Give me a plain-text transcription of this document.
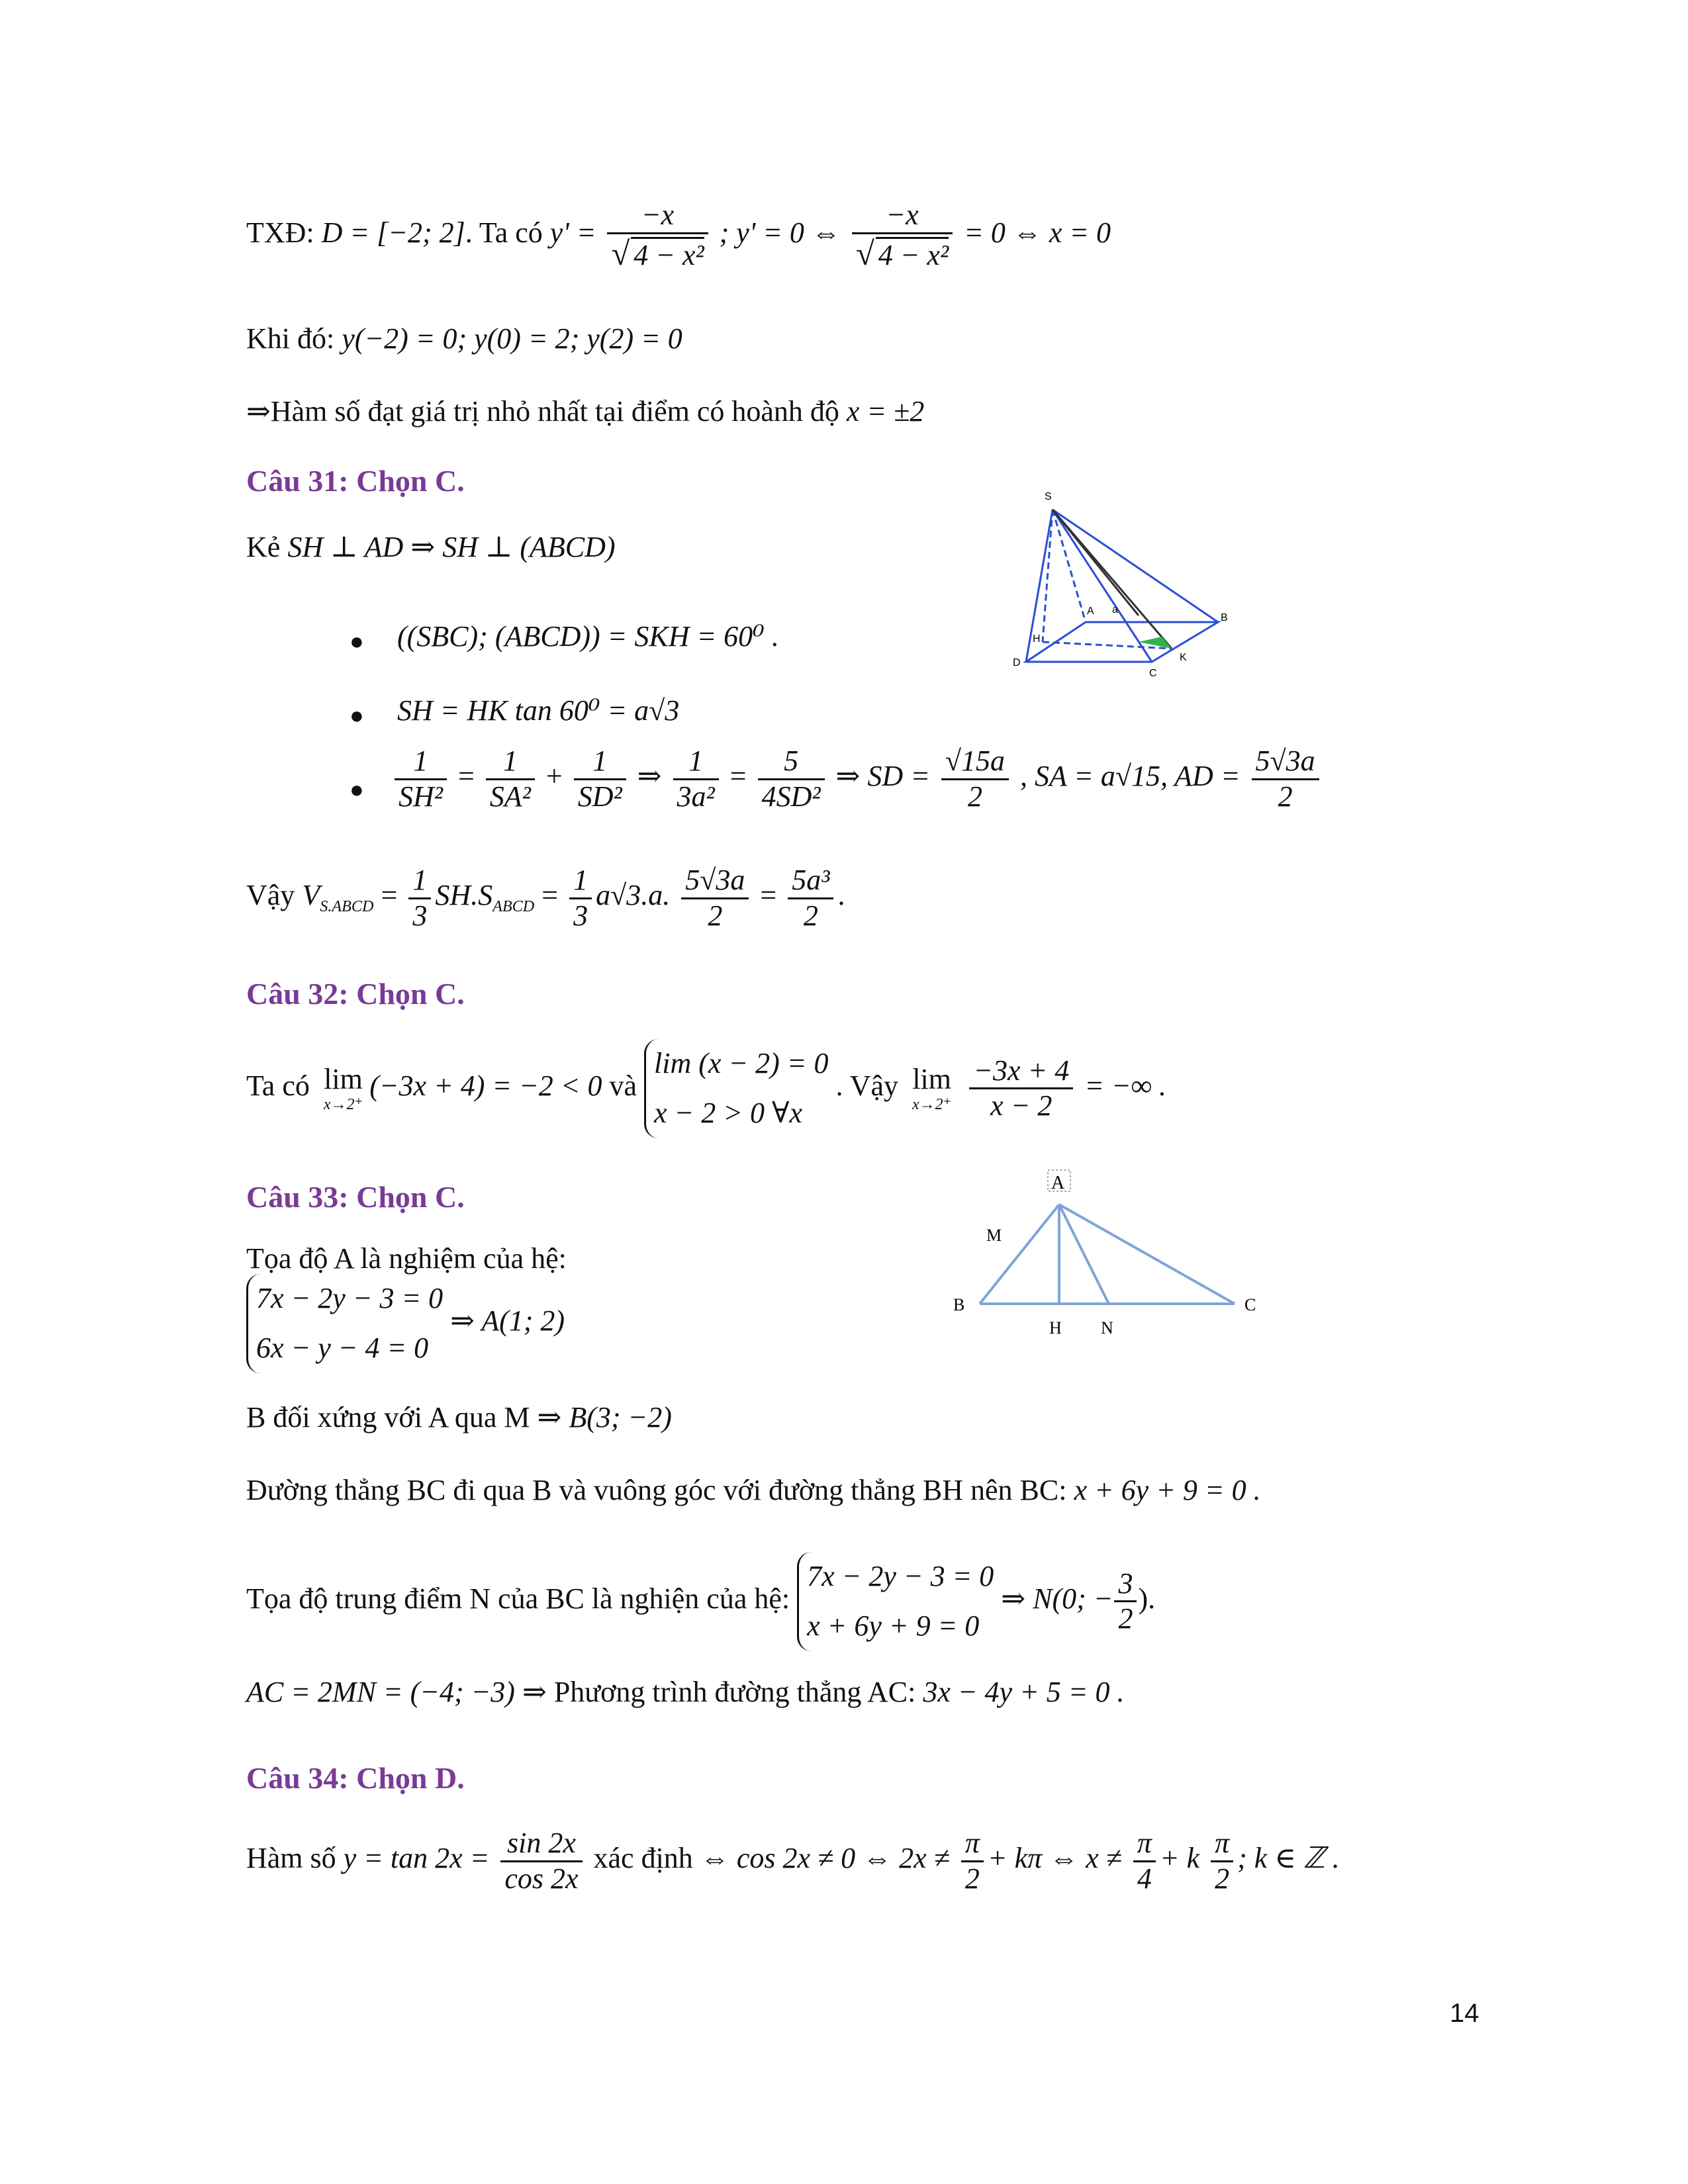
TXĐ: D = [−2; 2]. Ta có $y' = \frac{-x}{\text{√ 4 − x²}}$ ; y' = 0 ⇔ $\frac{-x}{\text{√ 4 − x²}} = 0$ ⇔ x = 0
Khi đó: y(−2) = 0; y(0) = 2; y(2) = 0
⇒Hàm số đạt giá trị nhỏ nhất tại điểm có hoành độ x = ±2
Câu 31: Chọn C.
Kẻ SH ⊥ AD ⇒ SH ⊥ (ABCD)
● ((SBC); (ABCD)) = SKH = 60⁰ .
● SH = HK tan 60⁰ = a√3
● $\frac{1}{\text{SH²}} = \frac{1}{\text{SA²}} + \frac{1}{\text{SD²}}$ ⇒ $\frac{1}{\text{3a²}} = \frac{5}{\text{4SD²}}$ ⇒ SD = $\frac{√15a}{2}$ , SA = a√15, AD = $\frac{5√3a}{2}$
Vậy $V_{S.ABCD} = \frac{1}{3} SH.S_{ABCD} = \frac{1}{3} a√3.a$. $\frac{5√3a}{2} = \frac{\text{5a³}}{2}$ .
S
A a
B
D
H
C
K
Câu 32: Chọn C.
Ta có lim
x→2⁺
(−3x + 4) = −2 < 0 và
lim (x − 2) = 0
x − 2 > 0 ∀x
. Vậy lim
x→2⁺
$\frac{-3x + 4}{x - 2}$ = −∞ .
Câu 33: Chọn C.
Tọa độ A là nghiệm của hệ:
7x − 2y − 3 = 0
6x − y − 4 = 0
⇒ A(1; 2)
B đối xứng với A qua M ⇒ B(3; −2)
Đường thẳng BC đi qua B và vuông góc với đường thẳng BH nên BC: x + 6y + 9 = 0 .
Tọa độ trung điểm N của BC là nghiện của hệ:
7x − 2y − 3 = 0
x + 6y + 9 = 0
⇒ N(0; − $\frac{3}{2}$ ).
AC = 2MN = (−4; −3) ⇒ Phương trình đường thẳng AC: 3x − 4y + 5 = 0 .
A
M
B
H N
C
Câu 34: Chọn D.
Hàm số $y = \tan 2x = \frac{\sin 2x}{\cos 2x}$ xác định ⇔ cos 2x ≠ 0 ⇔ $2x \ne \frac{\pi}{2} + k\pi$ ⇔ $x \ne \frac{\pi}{4} + k \frac{\pi}{2}$ ; k ∈ ℤ .
14
